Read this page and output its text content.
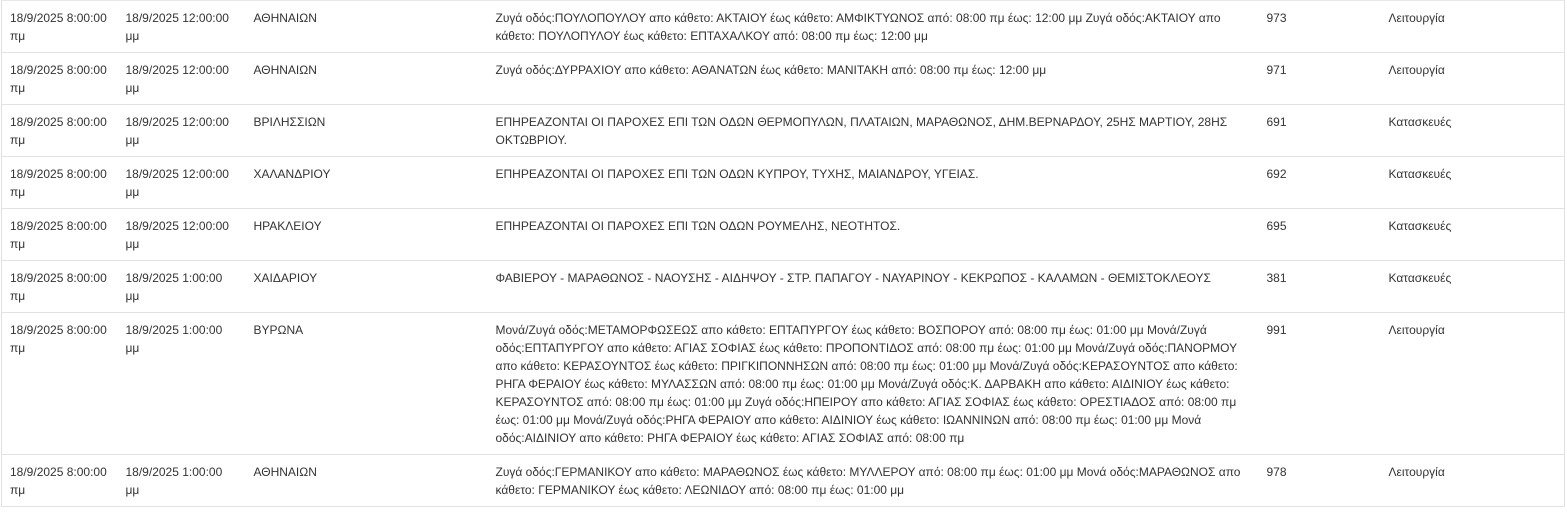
18/9/2025 8:00:00 πμ	18/9/2025 12:00:00 μμ	ΑΘΗΝΑΙΩΝ	Ζυγά οδός:ΠΟΥΛΟΠΟΥΛΟΥ απο κάθετο: ΑΚΤΑΙΟΥ έως κάθετο: ΑΜΦΙΚΤΥΩΝΟΣ από: 08:00 πμ έως: 12:00 μμ Ζυγά οδός:ΑΚΤΑΙΟΥ απο κάθετο: ΠΟΥΛΟΠΥΛΟΥ έως κάθετο: ΕΠΤΑΧΑΛΚΟΥ από: 08:00 πμ έως: 12:00 μμ	973	Λειτουργία
18/9/2025 8:00:00 πμ	18/9/2025 12:00:00 μμ	ΑΘΗΝΑΙΩΝ	Ζυγά οδός:ΔΥΡΡΑΧΙΟΥ απο κάθετο: ΑΘΑΝΑΤΩΝ έως κάθετο: ΜΑΝΙΤΑΚΗ από: 08:00 πμ έως: 12:00 μμ	971	Λειτουργία
18/9/2025 8:00:00 πμ	18/9/2025 12:00:00 μμ	ΒΡΙΛΗΣΣΙΩΝ	ΕΠΗΡΕΑΖΟΝΤΑΙ ΟΙ ΠΑΡΟΧΕΣ ΕΠΙ ΤΩΝ ΟΔΩΝ ΘΕΡΜΟΠΥΛΩΝ, ΠΛΑΤΑΙΩΝ, ΜΑΡΑΘΩΝΟΣ, ΔΗΜ.ΒΕΡΝΑΡΔΟΥ, 25ΗΣ ΜΑΡΤΙΟΥ, 28ΗΣ ΟΚΤΩΒΡΙΟΥ.	691	Κατασκευές
18/9/2025 8:00:00 πμ	18/9/2025 12:00:00 μμ	ΧΑΛΑΝΔΡΙΟΥ	ΕΠΗΡΕΑΖΟΝΤΑΙ ΟΙ ΠΑΡΟΧΕΣ ΕΠΙ ΤΩΝ ΟΔΩΝ ΚΥΠΡΟΥ, ΤΥΧΗΣ, ΜΑΙΑΝΔΡΟΥ, ΥΓΕΙΑΣ.	692	Κατασκευές
18/9/2025 8:00:00 πμ	18/9/2025 12:00:00 μμ	ΗΡΑΚΛΕΙΟΥ	ΕΠΗΡΕΑΖΟΝΤΑΙ ΟΙ ΠΑΡΟΧΕΣ ΕΠΙ ΤΩΝ ΟΔΩΝ ΡΟΥΜΕΛΗΣ, ΝΕΟΤΗΤΟΣ.	695	Κατασκευές
18/9/2025 8:00:00 πμ	18/9/2025 1:00:00 μμ	ΧΑΙΔΑΡΙΟΥ	ΦΑΒΙΕΡΟΥ - ΜΑΡΑΘΩΝΟΣ - ΝΑΟΥΣΗΣ - ΑΙΔΗΨΟΥ - ΣΤΡ. ΠΑΠΑΓΟΥ - ΝΑΥΑΡΙΝΟΥ - ΚΕΚΡΩΠΟΣ - ΚΑΛΑΜΩΝ - ΘΕΜΙΣΤΟΚΛΕΟΥΣ	381	Κατασκευές
18/9/2025 8:00:00 πμ	18/9/2025 1:00:00 μμ	ΒΥΡΩΝΑ	Μονά/Ζυγά οδός:ΜΕΤΑΜΟΡΦΩΣΕΩΣ απο κάθετο: ΕΠΤΑΠΥΡΓΟΥ έως κάθετο: ΒΟΣΠΟΡΟΥ από: 08:00 πμ έως: 01:00 μμ Μονά/Ζυγά οδός:ΕΠΤΑΠΥΡΓΟΥ απο κάθετο: ΑΓΙΑΣ ΣΟΦΙΑΣ έως κάθετο: ΠΡΟΠΟΝΤΙΔΟΣ από: 08:00 πμ έως: 01:00 μμ Μονά/Ζυγά οδός:ΠΑΝΟΡΜΟΥ απο κάθετο: ΚΕΡΑΣΟΥΝΤΟΣ έως κάθετο: ΠΡΙΓΚΙΠΟΝΝΗΣΩΝ από: 08:00 πμ έως: 01:00 μμ Μονά/Ζυγά οδός:ΚΕΡΑΣΟΥΝΤΟΣ απο κάθετο: ΡΗΓΑ ΦΕΡΑΙΟΥ έως κάθετο: ΜΥΛΑΣΣΩΝ από: 08:00 πμ έως: 01:00 μμ Μονά/Ζυγά οδός:Κ. ΔΑΡΒΑΚΗ απο κάθετο: ΑΙΔΙΝΙΟΥ έως κάθετο: ΚΕΡΑΣΟΥΝΤΟΣ από: 08:00 πμ έως: 01:00 μμ Ζυγά οδός:ΗΠΕΙΡΟΥ απο κάθετο: ΑΓΙΑΣ ΣΟΦΙΑΣ έως κάθετο: ΟΡΕΣΤΙΑΔΟΣ από: 08:00 πμ έως: 01:00 μμ Μονά/Ζυγά οδός:ΡΗΓΑ ΦΕΡΑΙΟΥ απο κάθετο: ΑΙΔΙΝΙΟΥ έως κάθετο: ΙΩΑΝΝΙΝΩΝ από: 08:00 πμ έως: 01:00 μμ Μονά οδός:ΑΙΔΙΝΙΟΥ απο κάθετο: ΡΗΓΑ ΦΕΡΑΙΟΥ έως κάθετο: ΑΓΙΑΣ ΣΟΦΙΑΣ από: 08:00 πμ	991	Λειτουργία
18/9/2025 8:00:00 πμ	18/9/2025 1:00:00 μμ	ΑΘΗΝΑΙΩΝ	Ζυγά οδός:ΓΕΡΜΑΝΙΚΟΥ απο κάθετο: ΜΑΡΑΘΩΝΟΣ έως κάθετο: ΜΥΛΛΕΡΟΥ από: 08:00 πμ έως: 01:00 μμ Μονά οδός:ΜΑΡΑΘΩΝΟΣ απο κάθετο: ΓΕΡΜΑΝΙΚΟΥ έως κάθετο: ΛΕΩΝΙΔΟΥ από: 08:00 πμ έως: 01:00 μμ	978	Λειτουργία
